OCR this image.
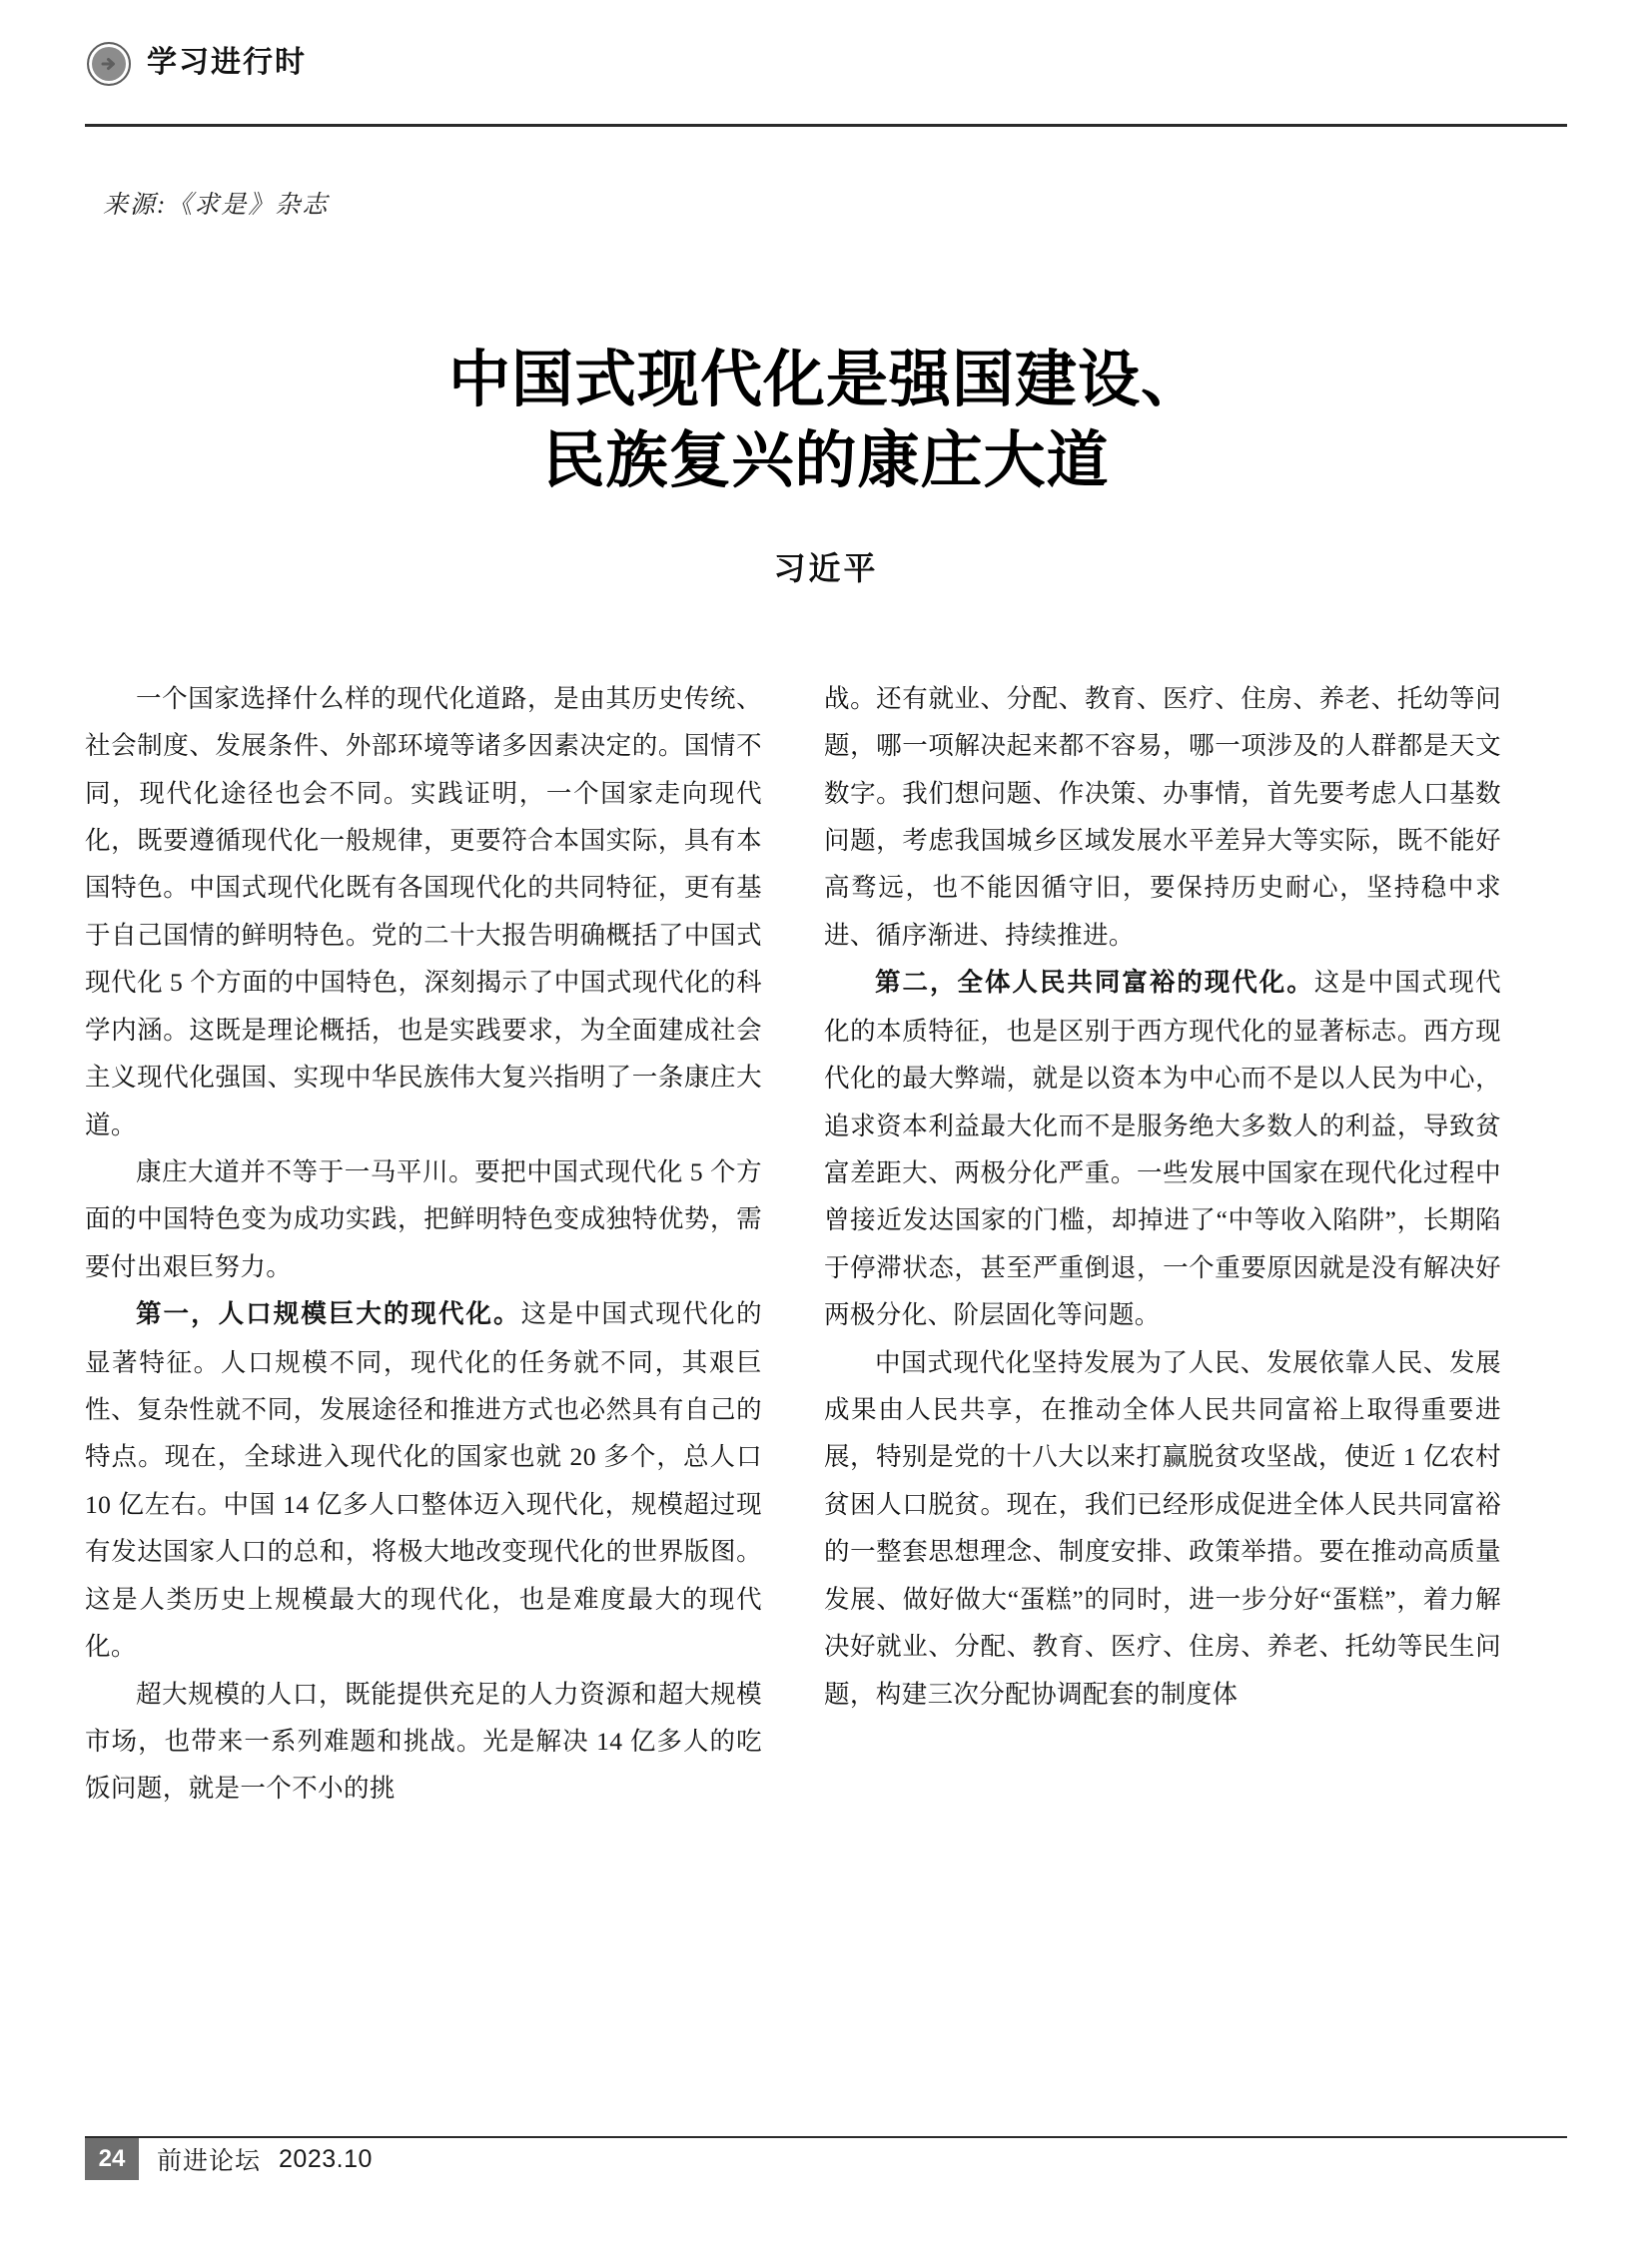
学习进行时
来源:《求是》杂志
中国式现代化是强国建设、
民族复兴的康庄大道
习近平

一个国家选择什么样的现代化道路，是由其历史传统、社会制度、发展条件、外部环境等诸多因素决定的。国情不同，现代化途径也会不同。实践证明，一个国家走向现代化，既要遵循现代化一般规律，更要符合本国实际，具有本国特色。中国式现代化既有各国现代化的共同特征，更有基于自己国情的鲜明特色。党的二十大报告明确概括了中国式现代化 5 个方面的中国特色，深刻揭示了中国式现代化的科学内涵。这既是理论概括，也是实践要求，为全面建成社会主义现代化强国、实现中华民族伟大复兴指明了一条康庄大道。

康庄大道并不等于一马平川。要把中国式现代化 5 个方面的中国特色变为成功实践，把鲜明特色变成独特优势，需要付出艰巨努力。

第一，人口规模巨大的现代化。这是中国式现代化的显著特征。人口规模不同，现代化的任务就不同，其艰巨性、复杂性就不同，发展途径和推进方式也必然具有自己的特点。现在，全球进入现代化的国家也就 20 多个，总人口 10 亿左右。中国 14 亿多人口整体迈入现代化，规模超过现有发达国家人口的总和，将极大地改变现代化的世界版图。这是人类历史上规模最大的现代化，也是难度最大的现代化。

超大规模的人口，既能提供充足的人力资源和超大规模市场，也带来一系列难题和挑战。光是解决 14 亿多人的吃饭问题，就是一个不小的挑

战。还有就业、分配、教育、医疗、住房、养老、托幼等问题，哪一项解决起来都不容易，哪一项涉及的人群都是天文数字。我们想问题、作决策、办事情，首先要考虑人口基数问题，考虑我国城乡区域发展水平差异大等实际，既不能好高骛远，也不能因循守旧，要保持历史耐心，坚持稳中求进、循序渐进、持续推进。

第二，全体人民共同富裕的现代化。这是中国式现代化的本质特征，也是区别于西方现代化的显著标志。西方现代化的最大弊端，就是以资本为中心而不是以人民为中心，追求资本利益最大化而不是服务绝大多数人的利益，导致贫富差距大、两极分化严重。一些发展中国家在现代化过程中曾接近发达国家的门槛，却掉进了“中等收入陷阱”，长期陷于停滞状态，甚至严重倒退，一个重要原因就是没有解决好两极分化、阶层固化等问题。

中国式现代化坚持发展为了人民、发展依靠人民、发展成果由人民共享，在推动全体人民共同富裕上取得重要进展，特别是党的十八大以来打赢脱贫攻坚战，使近 1 亿农村贫困人口脱贫。现在，我们已经形成促进全体人民共同富裕的一整套思想理念、制度安排、政策举措。要在推动高质量发展、做好做大“蛋糕”的同时，进一步分好“蛋糕”，着力解决好就业、分配、教育、医疗、住房、养老、托幼等民生问题，构建三次分配协调配套的制度体

24	前进论坛 2023.10
